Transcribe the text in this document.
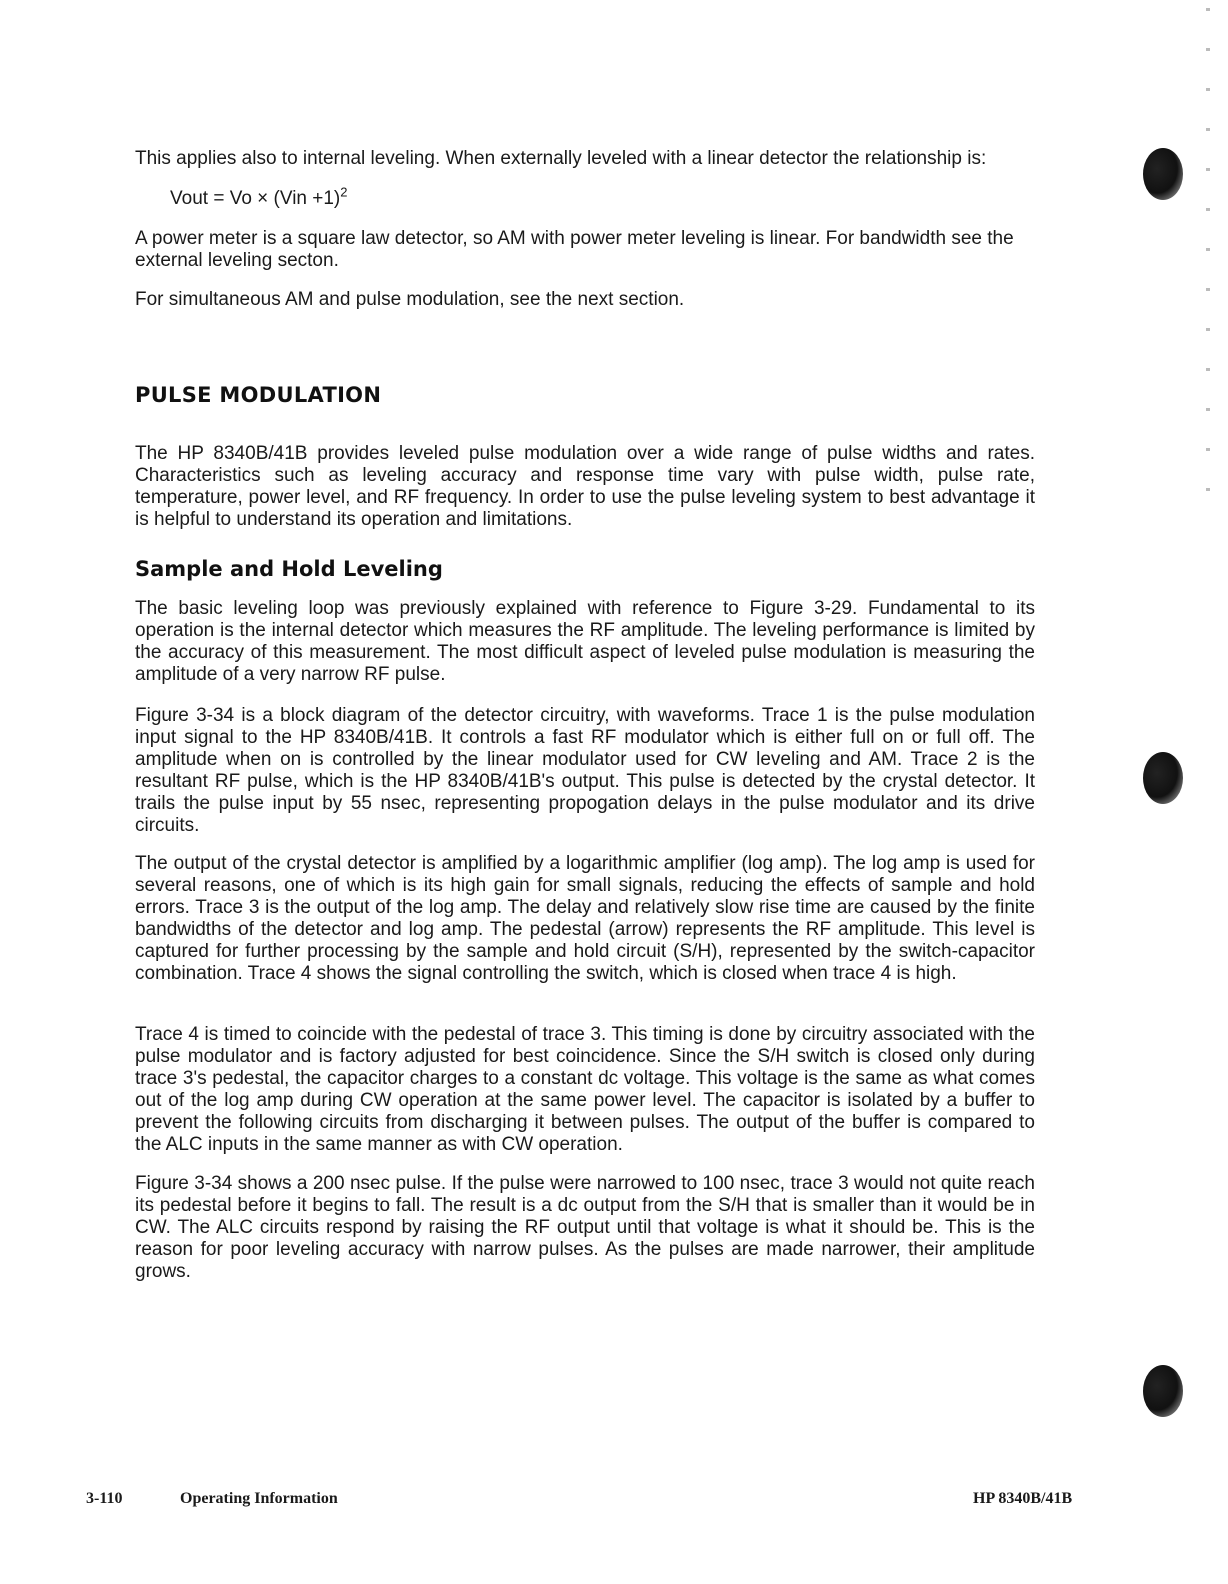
This applies also to internal leveling. When externally leveled with a linear detector the relationship is:
Vout = Vo × (Vin +1)$^2$
A power meter is a square law detector, so AM with power meter leveling is linear. For bandwidth see the external leveling secton.
For simultaneous AM and pulse modulation, see the next section.
PULSE MODULATION
The HP 8340B/41B provides leveled pulse modulation over a wide range of pulse widths and rates. Characteristics such as leveling accuracy and response time vary with pulse width, pulse rate, temperature, power level, and RF frequency. In order to use the pulse leveling system to best advantage it is helpful to understand its operation and limitations.
Sample and Hold Leveling
The basic leveling loop was previously explained with reference to Figure 3-29. Fundamental to its operation is the internal detector which measures the RF amplitude. The leveling performance is limited by the accuracy of this measurement. The most difficult aspect of leveled pulse modulation is measuring the amplitude of a very narrow RF pulse.
Figure 3-34 is a block diagram of the detector circuitry, with waveforms. Trace 1 is the pulse modulation input signal to the HP 8340B/41B. It controls a fast RF modulator which is either full on or full off. The amplitude when on is controlled by the linear modulator used for CW leveling and AM. Trace 2 is the resultant RF pulse, which is the HP 8340B/41B's output. This pulse is detected by the crystal detector. It trails the pulse input by 55 nsec, representing propogation delays in the pulse modulator and its drive circuits.
The output of the crystal detector is amplified by a logarithmic amplifier (log amp). The log amp is used for several reasons, one of which is its high gain for small signals, reducing the effects of sample and hold errors. Trace 3 is the output of the log amp. The delay and relatively slow rise time are caused by the finite bandwidths of the detector and log amp. The pedestal (arrow) represents the RF amplitude. This level is captured for further processing by the sample and hold circuit (S/H), represented by the switch-capacitor combination. Trace 4 shows the signal controlling the switch, which is closed when trace 4 is high.
Trace 4 is timed to coincide with the pedestal of trace 3. This timing is done by circuitry associated with the pulse modulator and is factory adjusted for best coincidence. Since the S/H switch is closed only during trace 3's pedestal, the capacitor charges to a constant dc voltage. This voltage is the same as what comes out of the log amp during CW operation at the same power level. The capacitor is isolated by a buffer to prevent the following circuits from discharging it between pulses. The output of the buffer is compared to the ALC inputs in the same manner as with CW operation.
Figure 3-34 shows a 200 nsec pulse. If the pulse were narrowed to 100 nsec, trace 3 would not quite reach its pedestal before it begins to fall. The result is a dc output from the S/H that is smaller than it would be in CW. The ALC circuits respond by raising the RF output until that voltage is what it should be. This is the reason for poor leveling accuracy with narrow pulses. As the pulses are made narrower, their amplitude grows.
3-110	Operating Information	HP 8340B/41B
